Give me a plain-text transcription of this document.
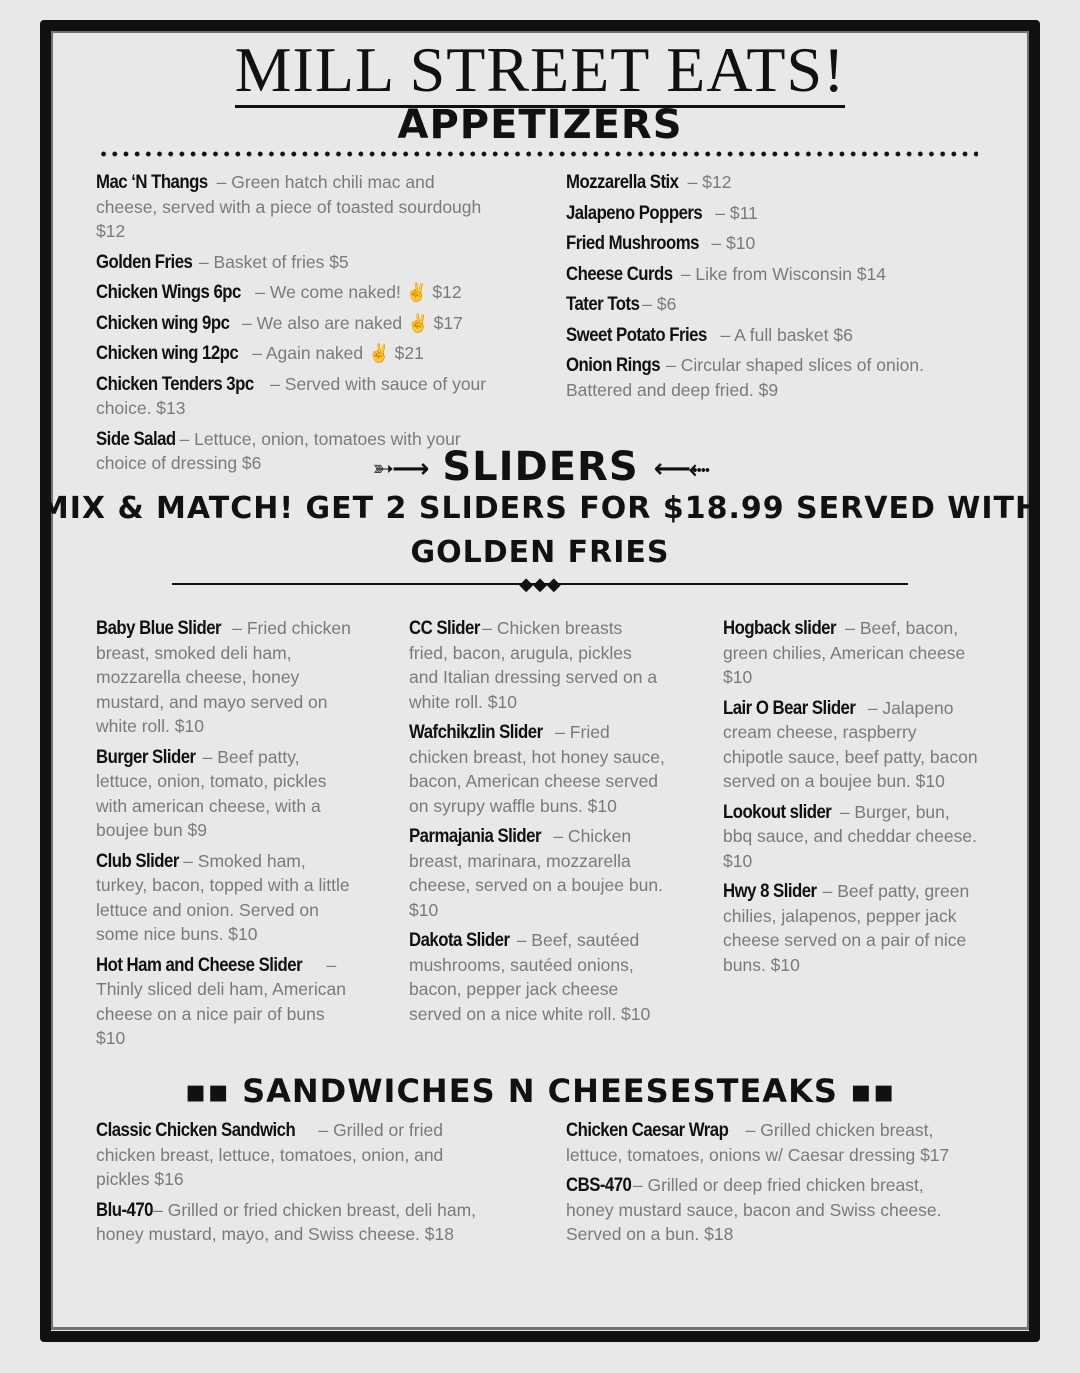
MILL STREET EATS!
APPETIZERS
Mac ‘N Thangs – Green hatch chili mac and cheese, served with a piece of toasted sourdough $12
Golden Fries – Basket of fries $5
Chicken Wings 6pc – We come naked! ✌ $12
Chicken wing 9pc – We also are naked ✌ $17
Chicken wing 12pc – Again naked ✌ $21
Chicken Tenders 3pc – Served with sauce of your choice. $13
Side Salad – Lettuce, onion, tomatoes with your choice of dressing $6
Mozzarella Stix – $12
Jalapeno Poppers – $11
Fried Mushrooms – $10
Cheese Curds – Like from Wisconsin $14
Tater Tots – $6
Sweet Potato Fries – A full basket $6
Onion Rings – Circular shaped slices of onion. Battered and deep fried. $9
➳⟶ SLIDERS ⟵⬸
MIX & MATCH! GET 2 SLIDERS FOR $18.99 SERVED WITH
GOLDEN FRIES
◆◆◆
Baby Blue Slider – Fried chicken breast, smoked deli ham, mozzarella cheese, honey mustard, and mayo served on white roll. $10
Burger Slider – Beef patty, lettuce, onion, tomato, pickles with american cheese, with a boujee bun $9
Club Slider – Smoked ham, turkey, bacon, topped with a little lettuce and onion. Served on some nice buns. $10
Hot Ham and Cheese Slider – Thinly sliced deli ham, American cheese on a nice pair of buns $10
CC Slider – Chicken breasts fried, bacon, arugula, pickles and Italian dressing served on a white roll. $10
Wafchikzlin Slider – Fried chicken breast, hot honey sauce, bacon, American cheese served on syrupy waffle buns. $10
Parmajania Slider – Chicken breast, marinara, mozzarella cheese, served on a boujee bun. $10
Dakota Slider – Beef, sautéed mushrooms, sautéed onions, bacon, pepper jack cheese served on a nice white roll. $10
Hogback slider – Beef, bacon, green chilies, American cheese $10
Lair O Bear Slider – Jalapeno cream cheese, raspberry chipotle sauce, beef patty, bacon served on a boujee bun. $10
Lookout slider – Burger, bun, bbq sauce, and cheddar cheese. $10
Hwy 8 Slider – Beef patty, green chilies, jalapenos, pepper jack cheese served on a pair of nice buns. $10
▪▪ SANDWICHES N CHEESESTEAKS ▪▪
Classic Chicken Sandwich – Grilled or fried chicken breast, lettuce, tomatoes, onion, and pickles $16
Blu-470 – Grilled or fried chicken breast, deli ham, honey mustard, mayo, and Swiss cheese. $18
Chicken Caesar Wrap – Grilled chicken breast, lettuce, tomatoes, onions w/ Caesar dressing $17
CBS-470 – Grilled or deep fried chicken breast, honey mustard sauce, bacon and Swiss cheese. Served on a bun. $18
